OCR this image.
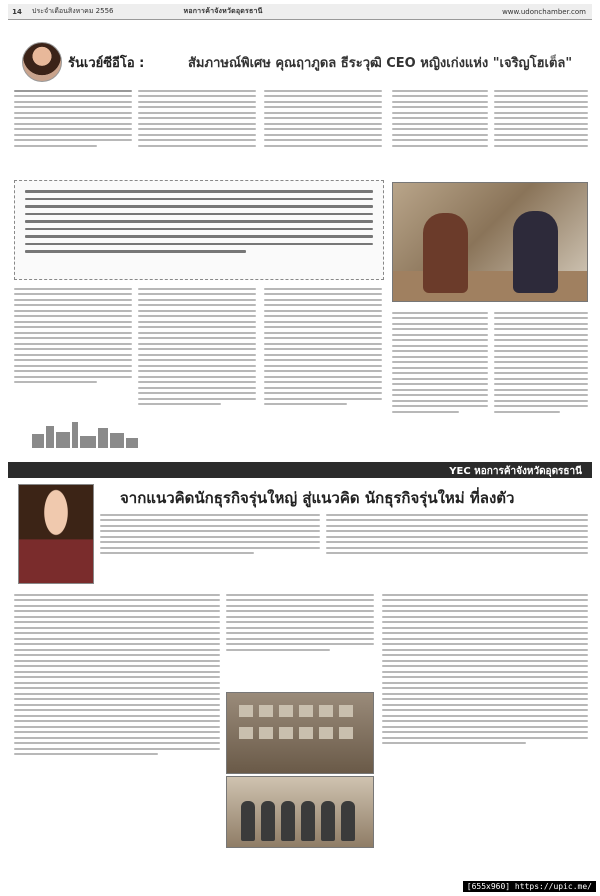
14	ประจำเดือนสิงหาคม 2556	หอการค้าจังหวัดอุดรธานี	www.udonchamber.com
รันเวย์ซีอีโอ :	สัมภาษณ์พิเศษ คุณฤาภูดล ธีระวุฒิ CEO หญิงเก่งแห่ง "เจริญโฮเต็ล"
YEC หอการค้าจังหวัดอุดรธานี
จากแนวคิดนักธุรกิจรุ่นใหญ่ สู่แนวคิด นักธุรกิจรุ่นใหม่ ที่ลงตัว
[655x960] https://upic.me/
